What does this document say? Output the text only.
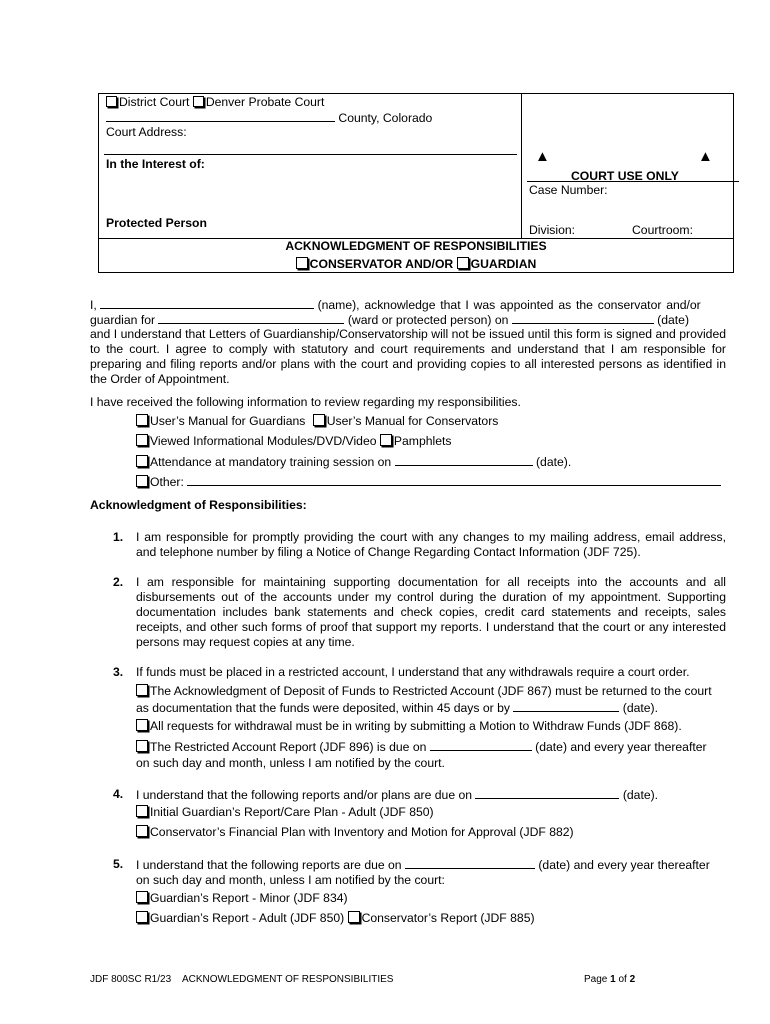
District Court Denver Probate Court
County, Colorado
Court Address:
In the Interest of:
Protected Person
▲	▲
COURT USE ONLY
Case Number:
Division:	Courtroom:
ACKNOWLEDGMENT OF RESPONSIBILITIES
CONSERVATOR AND/OR GUARDIAN
I,	(name), acknowledge that I was appointed as the conservator and/or
guardian for	(ward or protected person) on	(date)

and I understand that Letters of Guardianship/Conservatorship will not be issued until this form is signed and provided to the court. I agree to comply with statutory and court requirements and understand that I am responsible for preparing and filing reports and/or plans with the court and providing copies to all interested persons as identified in the Order of Appointment.

I have received the following information to review regarding my responsibilities.
User’s Manual for Guardians User’s Manual for Conservators
Viewed Informational Modules/DVD/Video Pamphlets
Attendance at mandatory training session on	(date).
Other:
Acknowledgment of Responsibilities:
1. I am responsible for promptly providing the court with any changes to my mailing address, email address, and telephone number by filing a Notice of Change Regarding Contact Information (JDF 725).
2. I am responsible for maintaining supporting documentation for all receipts into the accounts and all disbursements out of the accounts under my control during the duration of my appointment. Supporting documentation includes bank statements and check copies, credit card statements and receipts, sales receipts, and other such forms of proof that support my reports. I understand that the court or any interested persons may request copies at any time.
3. If funds must be placed in a restricted account, I understand that any withdrawals require a court order.
The Acknowledgment of Deposit of Funds to Restricted Account (JDF 867) must be returned to the court
as documentation that the funds were deposited, within 45 days or by	(date).
All requests for withdrawal must be in writing by submitting a Motion to Withdraw Funds (JDF 868).
The Restricted Account Report (JDF 896) is due on	(date) and every year thereafter
on such day and month, unless I am notified by the court.
4. I understand that the following reports and/or plans are due on	(date).
Initial Guardian’s Report/Care Plan - Adult (JDF 850)
Conservator’s Financial Plan with Inventory and Motion for Approval (JDF 882)
5. I understand that the following reports are due on	(date) and every year thereafter
on such day and month, unless I am notified by the court:
Guardian’s Report - Minor (JDF 834)
Guardian’s Report - Adult (JDF 850) Conservator’s Report (JDF 885)
JDF 800SC R1/23 ACKNOWLEDGMENT OF RESPONSIBILITIES	Page 1 of 2
